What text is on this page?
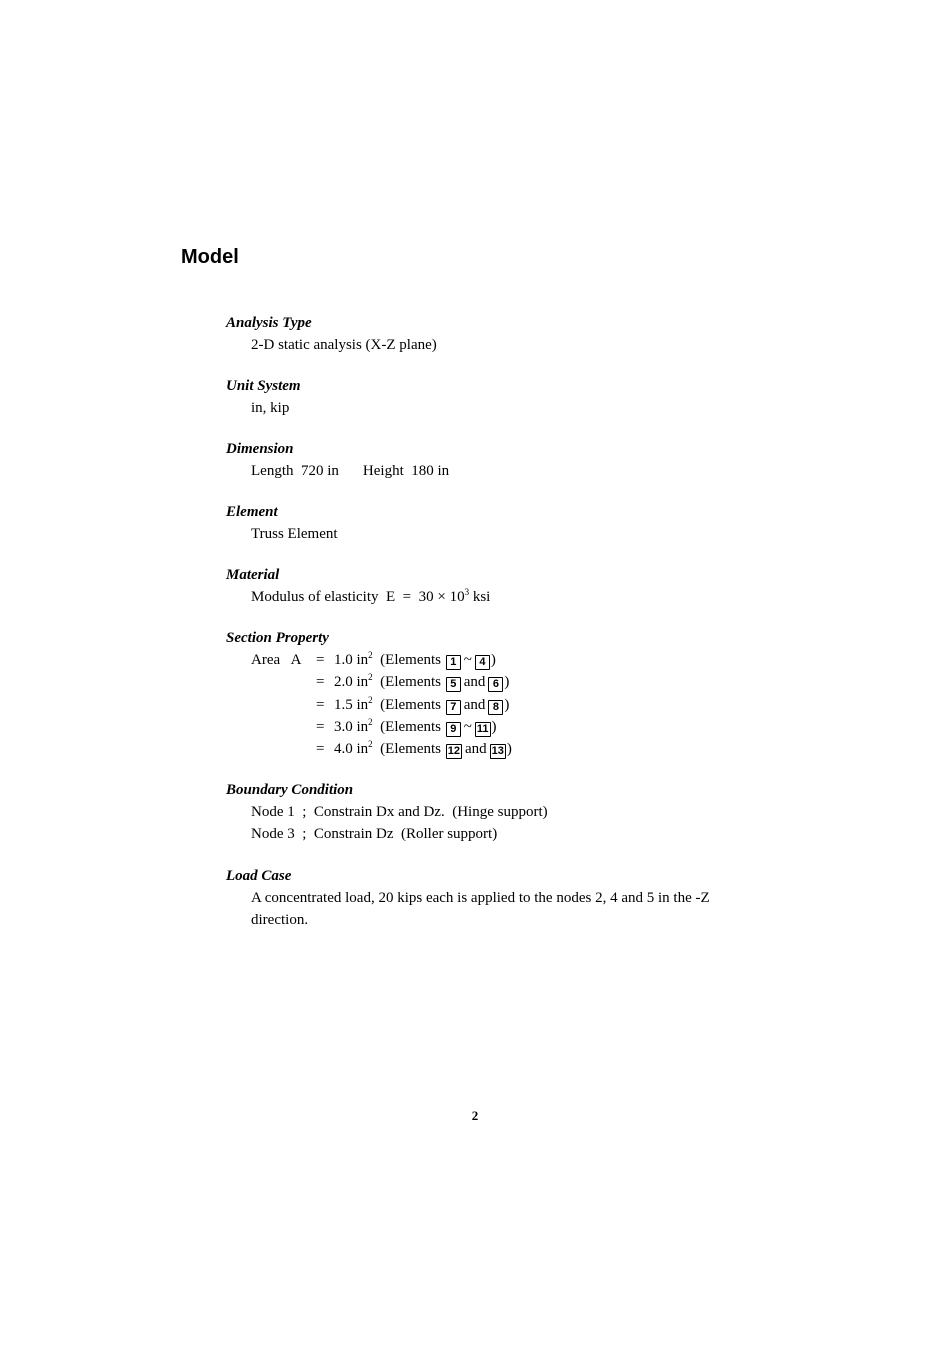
Model
Analysis Type
2-D static analysis (X-Z plane)
Unit System
in, kip
Dimension
Length  720 in Height  180 in
Element
Truss Element
Material
Modulus of elasticity  $E = 30 \times 10^3$ ksi
Section Property
Area   A = 1.0 $in^2$ (Elements 1 ~ 4 )
= 2.0 $in^2$ (Elements 5 and 6 )
= 1.5 $in^2$ (Elements 7 and 8 )
= 3.0 $in^2$ (Elements 9 ~ 11 )
= 4.0 $in^2$ (Elements 12 and 13 )
Boundary Condition
Node 1  ;  Constrain Dx and Dz.  (Hinge support)
Node 3  ;  Constrain Dz  (Roller support)
Load Case
A concentrated load, 20 kips each is applied to the nodes 2, 4 and 5 in the -Z direction.
2
